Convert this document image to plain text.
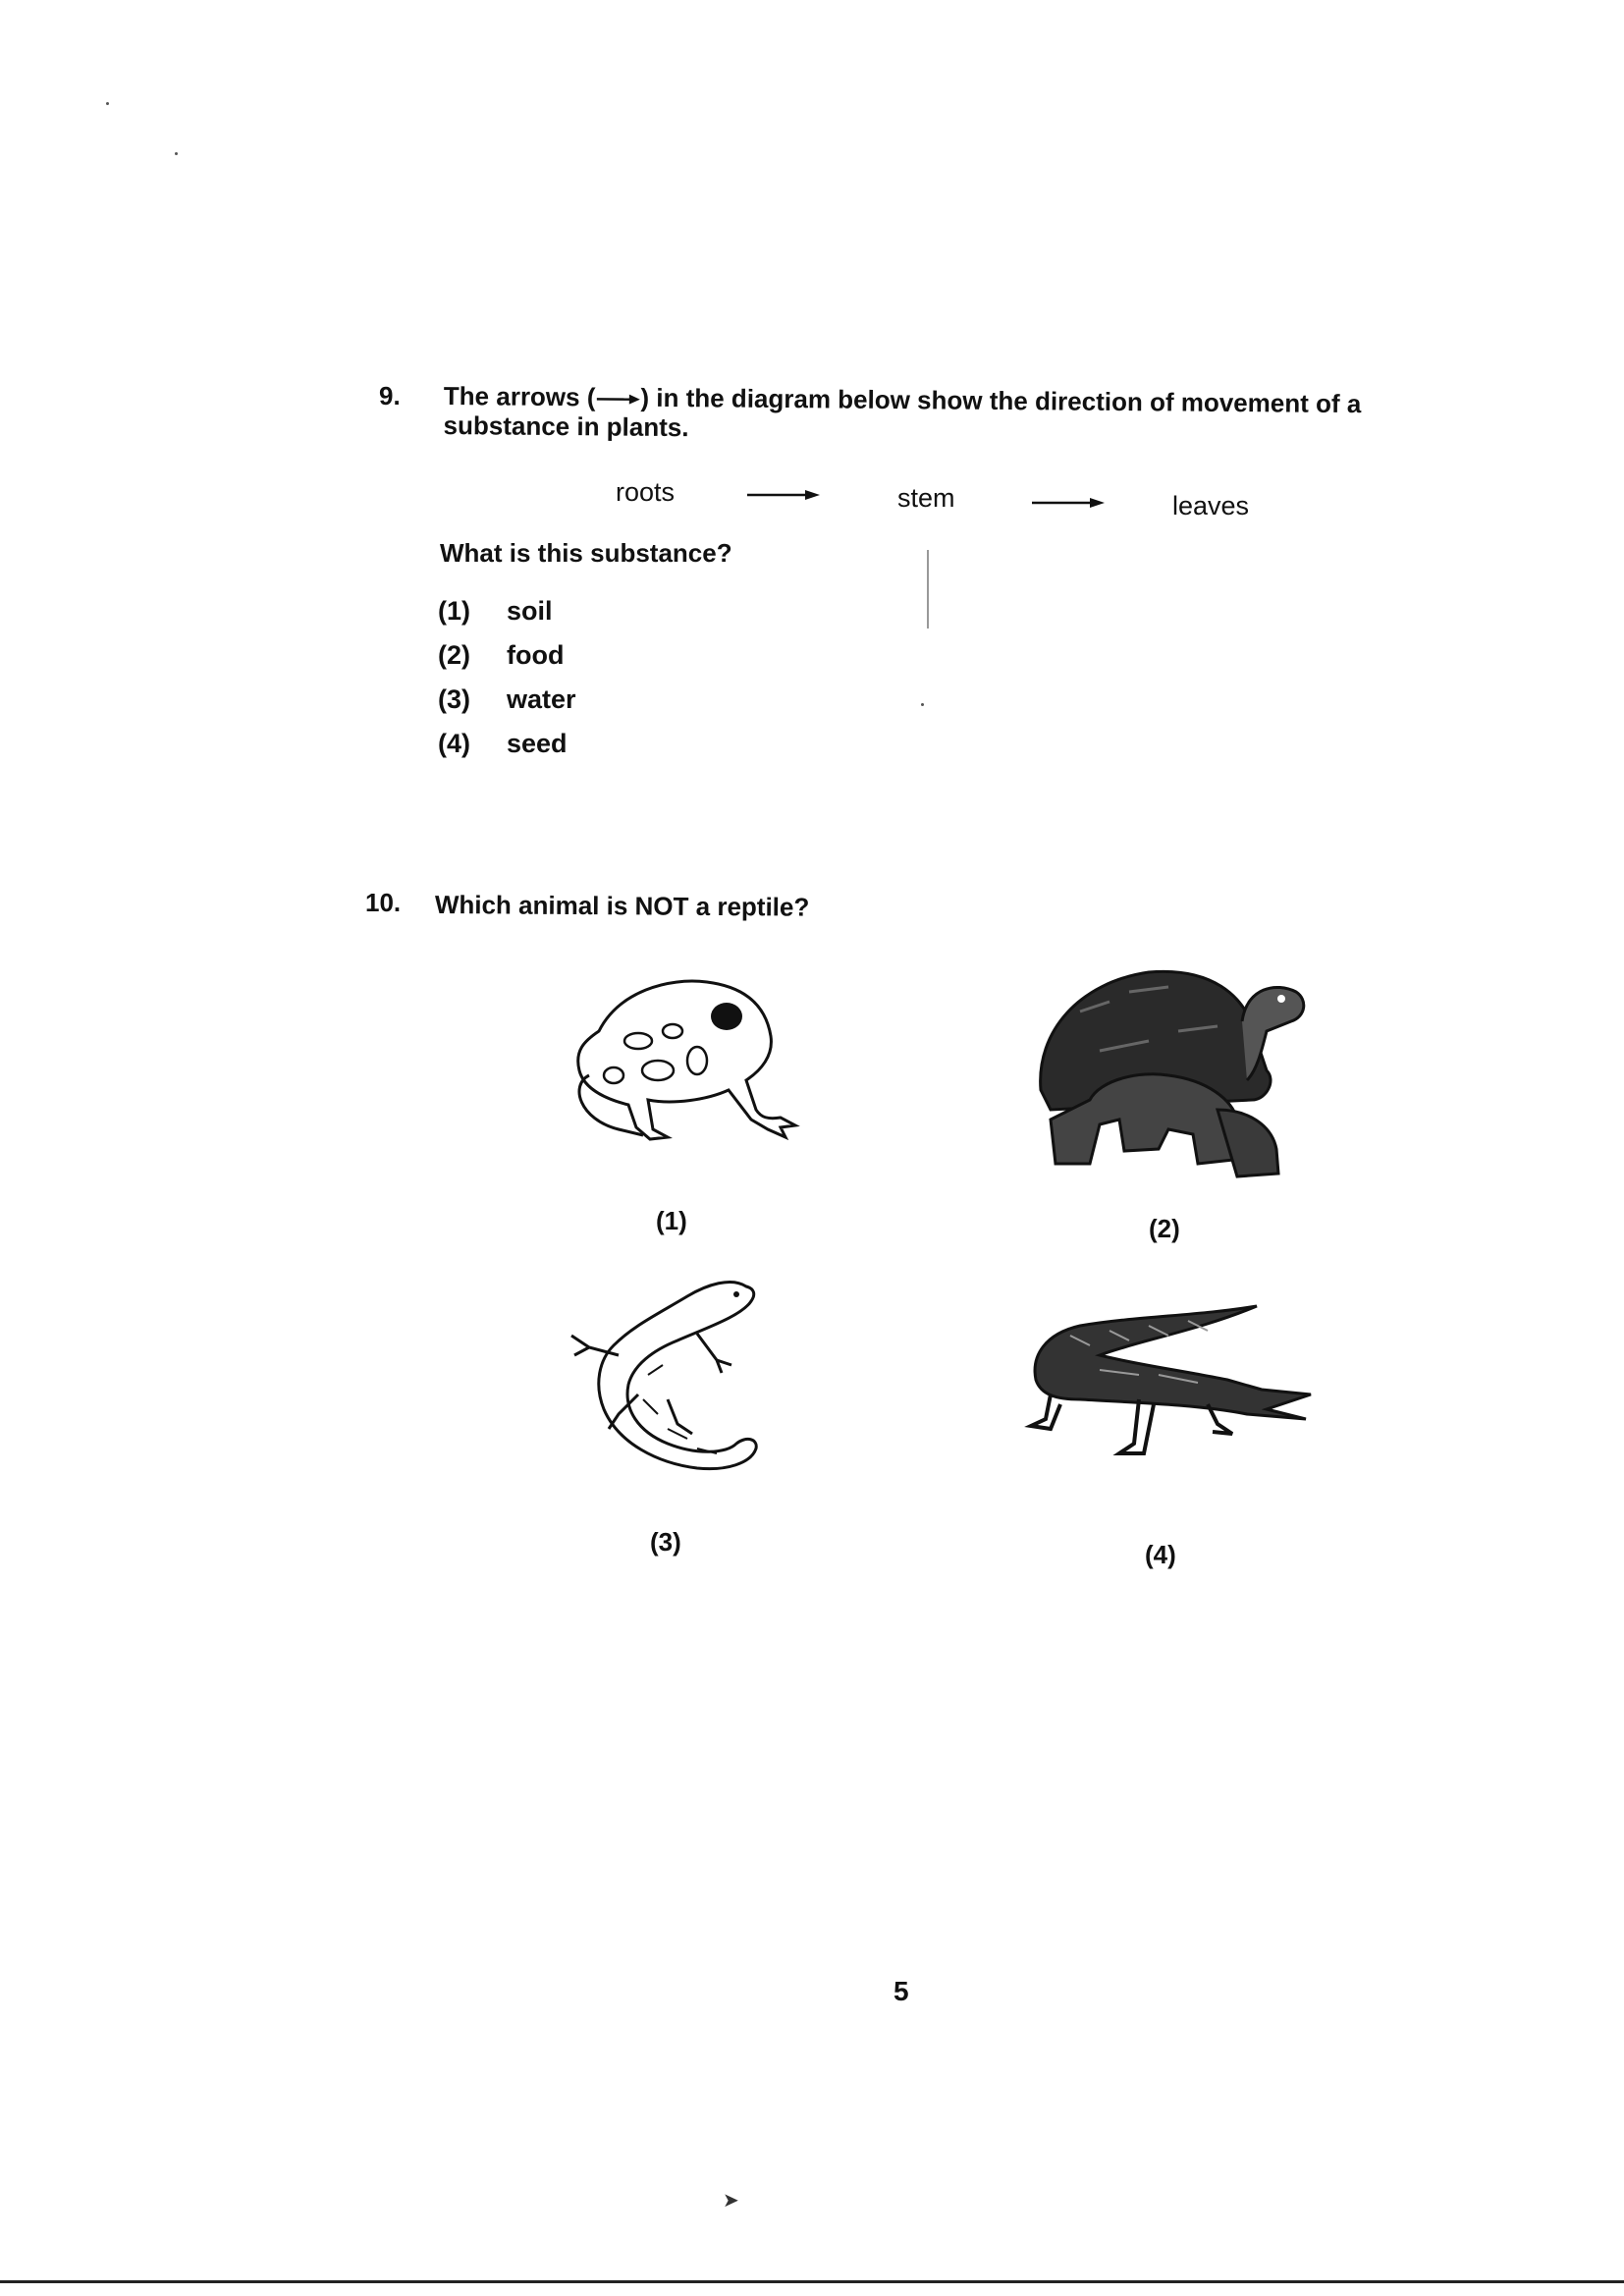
9. The arrows ( ) in the diagram below show the direction of movement of a
substance in plants.
roots	stem	leaves
What is this substance?
(1) soil
(2) food
(3) water
(4) seed
10. Which animal is NOT a reptile?
(1)	(2)
(3)	(4)
5
➤
